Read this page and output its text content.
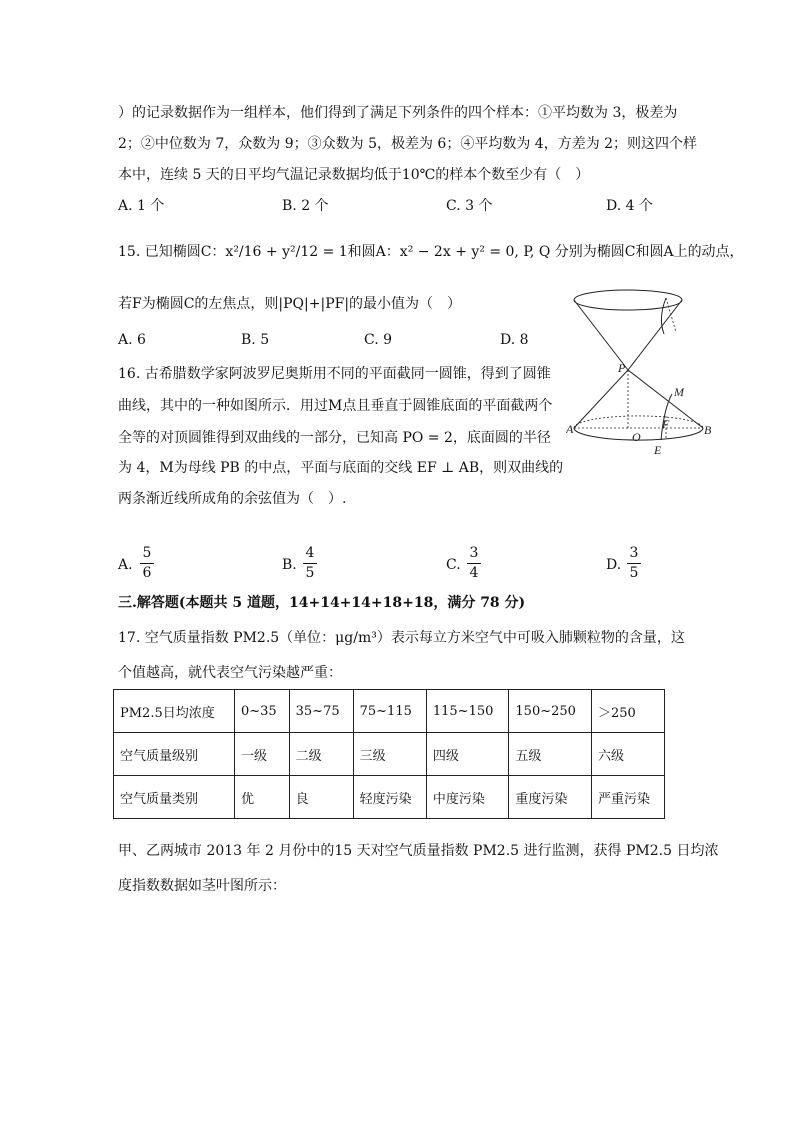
）的记录数据作为一组样本，他们得到了满足下列条件的四个样本：①平均数为 3，极差为
2；②中位数为 7，众数为 9；③众数为 5，极差为 6；④平均数为 4，方差为 2；则这四个样
本中，连续 5 天的日平均气温记录数据均低于10℃的样本个数至少有（　）
A. 1 个	B. 2 个	C. 3 个	D. 4 个
15. 已知椭圆C：x²/16 + y²/12 = 1和圆A：x² − 2x + y² = 0, P, Q 分别为椭圆C和圆A上的动点，
若F为椭圆C的左焦点，则|PQ|+|PF|的最小值为（　）
A. 6	B. 5	C. 9	D. 8
16. 古希腊数学家阿波罗尼奥斯用不同的平面截同一圆锥，得到了圆锥
曲线，其中的一种如图所示．用过M点且垂直于圆锥底面的平面截两个
全等的对顶圆锥得到双曲线的一部分，已知高 PO = 2，底面圆的半径
为 4，M为母线 PB 的中点，平面与底面的交线 EF ⊥ AB，则双曲线的
两条渐近线所成角的余弦值为（　）.
P
M
A
O
F	B
E
A.
5
6	B.
4
5	C.
3
4	D.
3
5
三.解答题(本题共 5 道题，14+14+14+18+18，满分 78 分)
17. 空气质量指数 PM2.5（单位：μg/m³）表示每立方米空气中可吸入肺颗粒物的含量，这
个值越高，就代表空气污染越严重：
PM2.5日均浓度	0~35	35~75	75~115	115~150	150~250	＞250
空气质量级别	一级	二级	三级	四级	五级	六级
空气质量类别	优	良	轻度污染	中度污染	重度污染	严重污染
甲、乙两城市 2013 年 2 月份中的15 天对空气质量指数 PM2.5 进行监测，获得 PM2.5 日均浓
度指数数据如茎叶图所示：
